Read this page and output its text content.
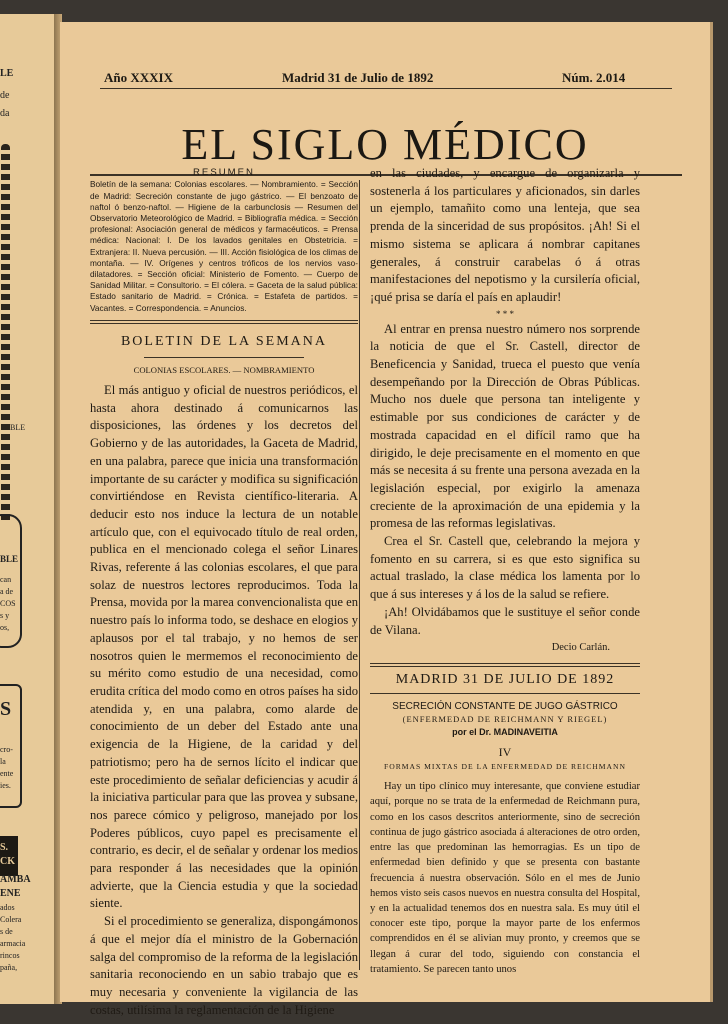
LE
de
da
BLE
BLE
can
a de
COS
s y
os,
S
cro-
la
ente
ies.
S.
CK
AMBA
ENE
ados
Colera
s de
armacia
rincos
paña,
Año XXXIX	Madrid 31 de Julio de 1892	Núm. 2.014
EL SIGLO MÉDICO
RESUMEN
Boletín de la semana: Colonias escolares. — Nombramiento. = Sección de Madrid: Secreción constante de jugo gástrico. — El benzoato de naftol ó benzo-naftol. — Higiene de la carbunclosis — Resumen del Observatorio Meteorológico de Madrid. = Bibliografía médica. = Sección profesional: Asociación general de médicos y farmacéuticos. = Prensa médica: Nacional: I. De los lavados genitales en Obstetricia. = Extranjera: II. Nueva percusión. — III. Acción fisiológica de los climas de montaña. — IV. Orígenes y centros tróficos de los nervios vaso-dilatadores. = Sección oficial: Ministerio de Fomento. — Cuerpo de Sanidad Militar. = Consultorio. = El cólera. = Gaceta de la salud pública: Estado sanitario de Madrid. = Crónica. = Estafeta de partidos. = Vacantes. = Correspondencia. = Anuncios.
BOLETIN DE LA SEMANA
COLONIAS ESCOLARES. — NOMBRAMIENTO

El más antiguo y oficial de nuestros periódicos, el hasta ahora destinado á comunicarnos las disposiciones, las órdenes y los decretos del Gobierno y de las autoridades, la Gaceta de Madrid, en una palabra, parece que inicia una transformación importante de su carácter y modifica su significación convirtiéndose en Revista científico-literaria. A deducir esto nos induce la lectura de un notable artículo que, con el equivocado título de real orden, publica en el mencionado colega el señor Linares Rivas, referente á las colonias escolares, el que para solaz de nuestros lectores reproducimos. Toda la Prensa, movida por la marea convencionalista que en nuestro país lo informa todo, se deshace en elogios y aplausos por el tal trabajo, y no hemos de ser nosotros quien le mermemos el reconocimiento de su mérito como estudio de una necesidad, como erudita crítica del modo como en otros países ha sido atendida y, en una palabra, como alarde de conocimiento de un deber del Estado ante una exigencia de la Higiene, de la caridad y del patriotismo; pero ha de sernos lícito el indicar que este procedimiento de señalar deficiencias y acudir á la iniciativa particular para que las provea y subsane, nos parece cómico y peligroso, manejado por los Poderes públicos, cuyo papel es precisamente el contrario, es decir, el de señalar y ordenar los medios para responder á las necesidades que la opinión advierte, que la Ciencia estudia y que la sociedad siente.

Si el procedimiento se generaliza, dispongámonos á que el mejor día el ministro de la Gobernación salga del compromiso de la reforma de la legislación sanitaria reconociendo en un sabio trabajo que es muy necesaria y conveniente la vigilancia de las costas, utilísima la reglamentación de la Higiene

en las ciudades, y encargue de organizarla y sostenerla á los particulares y aficionados, sin darles un ejemplo, tamañito como una lenteja, que sea prenda de la sinceridad de sus propósitos. ¡Ah! Si el mismo sistema se aplicara á nombrar capitanes generales, á construir carabelas ó á otras manifestaciones del nepotismo y la cursilería oficial, ¡qué prisa se daría el país en aplaudir!

* * *

Al entrar en prensa nuestro número nos sorprende la noticia de que el Sr. Castell, director de Beneficencia y Sanidad, trueca el puesto que venía desempeñando por la Dirección de Obras Públicas. Mucho nos duele que persona tan inteligente y estimable por sus condiciones de carácter y de mostrada capacidad en el difícil ramo que ha dirigido, le deje precisamente en el momento en que más se necesita á su frente una persona avezada en la legislación especial, por exigirlo la amenaza creciente de la aproximación de una epidemia y la promesa de las reformas legislativas.

Crea el Sr. Castell que, celebrando la mejora y fomento en su carrera, si es que esto significa su actual traslado, la clase médica los lamenta por lo que á sus intereses y á los de la salud se refiere.

¡Ah! Olvidábamos que le sustituye el señor conde de Vilana.

Decio Carlán.
MADRID 31 DE JULIO DE 1892
SECRECIÓN CONSTANTE DE JUGO GÁSTRICO
(ENFERMEDAD DE REICHMANN Y RIEGEL)
por el Dr. MADINAVEITIA
IV
FORMAS MIXTAS DE LA ENFERMEDAD DE REICHMANN

Hay un tipo clínico muy interesante, que conviene estudiar aquí, porque no se trata de la enfermedad de Reichmann pura, como en los casos descritos anteriormente, sino de secreción continua de jugo gástrico asociada á alteraciones de otro orden, entre las que predominan las hemorragias. Es un tipo de enfermedad bien definido y que se presenta con bastante frecuencia á nuestra observación. Sólo en el mes de Junio hemos visto seis casos nuevos en nuestra consulta del Hospital, y en la actualidad tenemos dos en nuestra sala. Es muy útil el conocer este tipo, porque la mayor parte de los enfermos comprendidos en él se alivian muy pronto, y creemos que se llegan á curar del todo, siguiendo con constancia el tratamiento. Se parecen tanto unos
